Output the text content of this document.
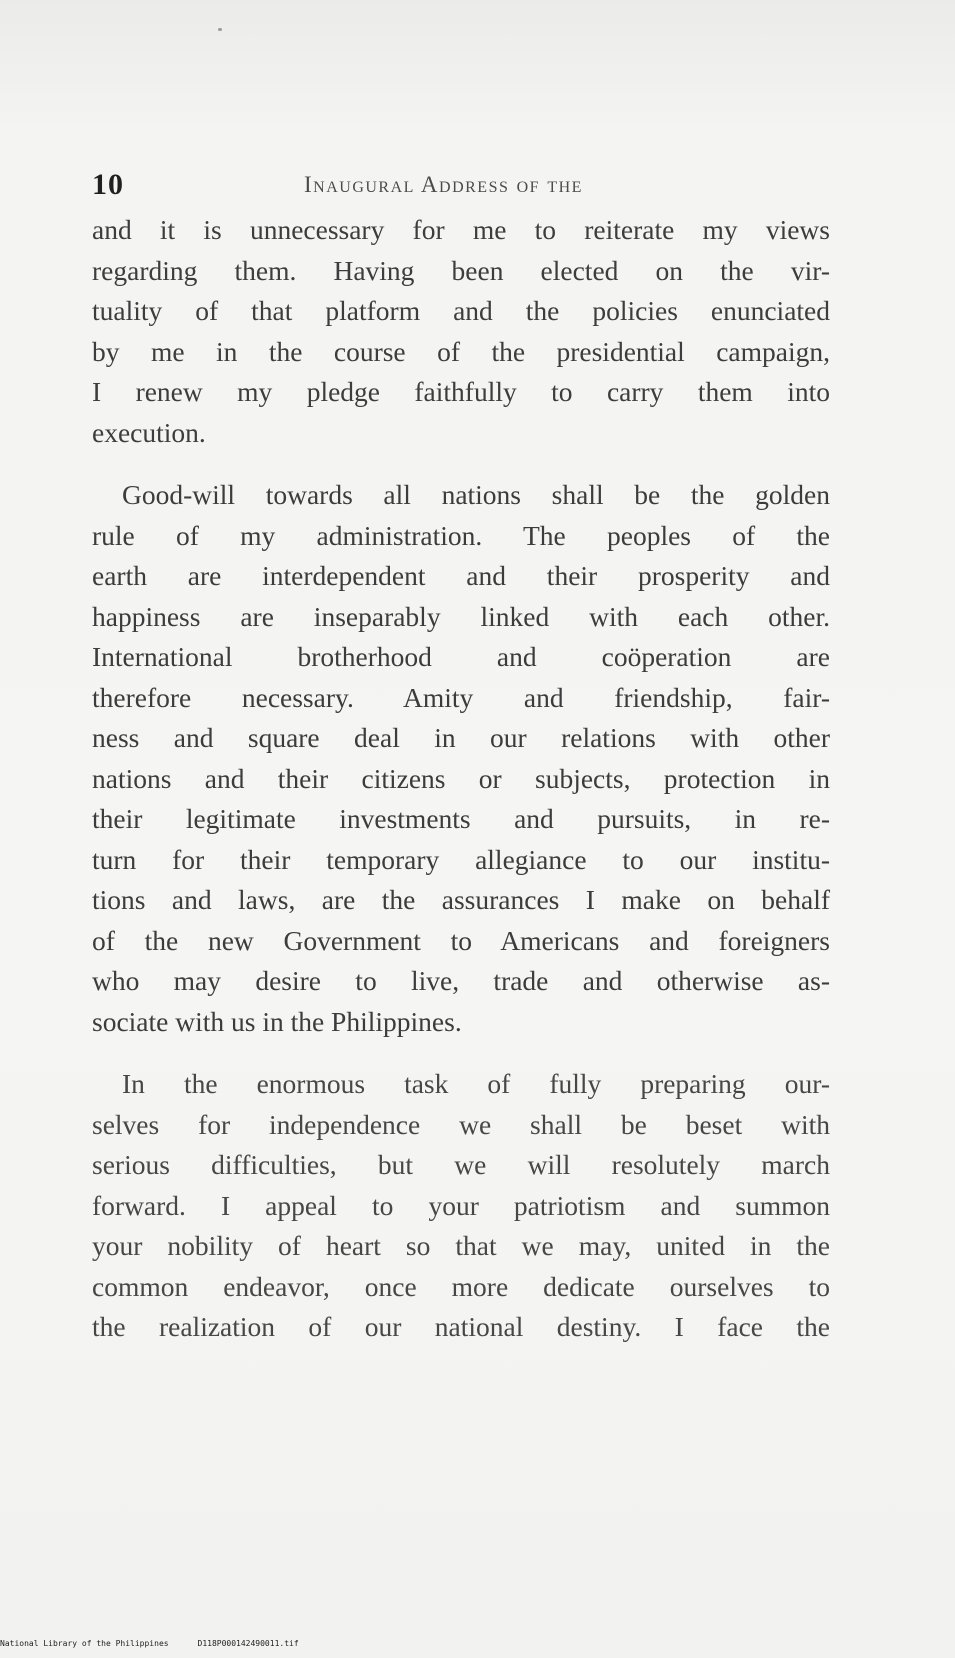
10	Inaugural Address of the
and it is unnecessary for me to reiterate my views
regarding them. Having been elected on the vir-
tuality of that platform and the policies enunciated
by me in the course of the presidential campaign,
I renew my pledge faithfully to carry them into
execution.
Good-will towards all nations shall be the golden
rule of my administration. The peoples of the
earth are interdependent and their prosperity and
happiness are inseparably linked with each other.
International brotherhood and coöperation are
therefore necessary. Amity and friendship, fair-
ness and square deal in our relations with other
nations and their citizens or subjects, protection in
their legitimate investments and pursuits, in re-
turn for their temporary allegiance to our institu-
tions and laws, are the assurances I make on behalf
of the new Government to Americans and foreigners
who may desire to live, trade and otherwise as-
sociate with us in the Philippines.
In the enormous task of fully preparing our-
selves for independence we shall be beset with
serious difficulties, but we will resolutely march
forward. I appeal to your patriotism and summon
your nobility of heart so that we may, united in the
common endeavor, once more dedicate ourselves to
the realization of our national destiny. I face the
National Library of the Philippines	D118P000142490011.tif
